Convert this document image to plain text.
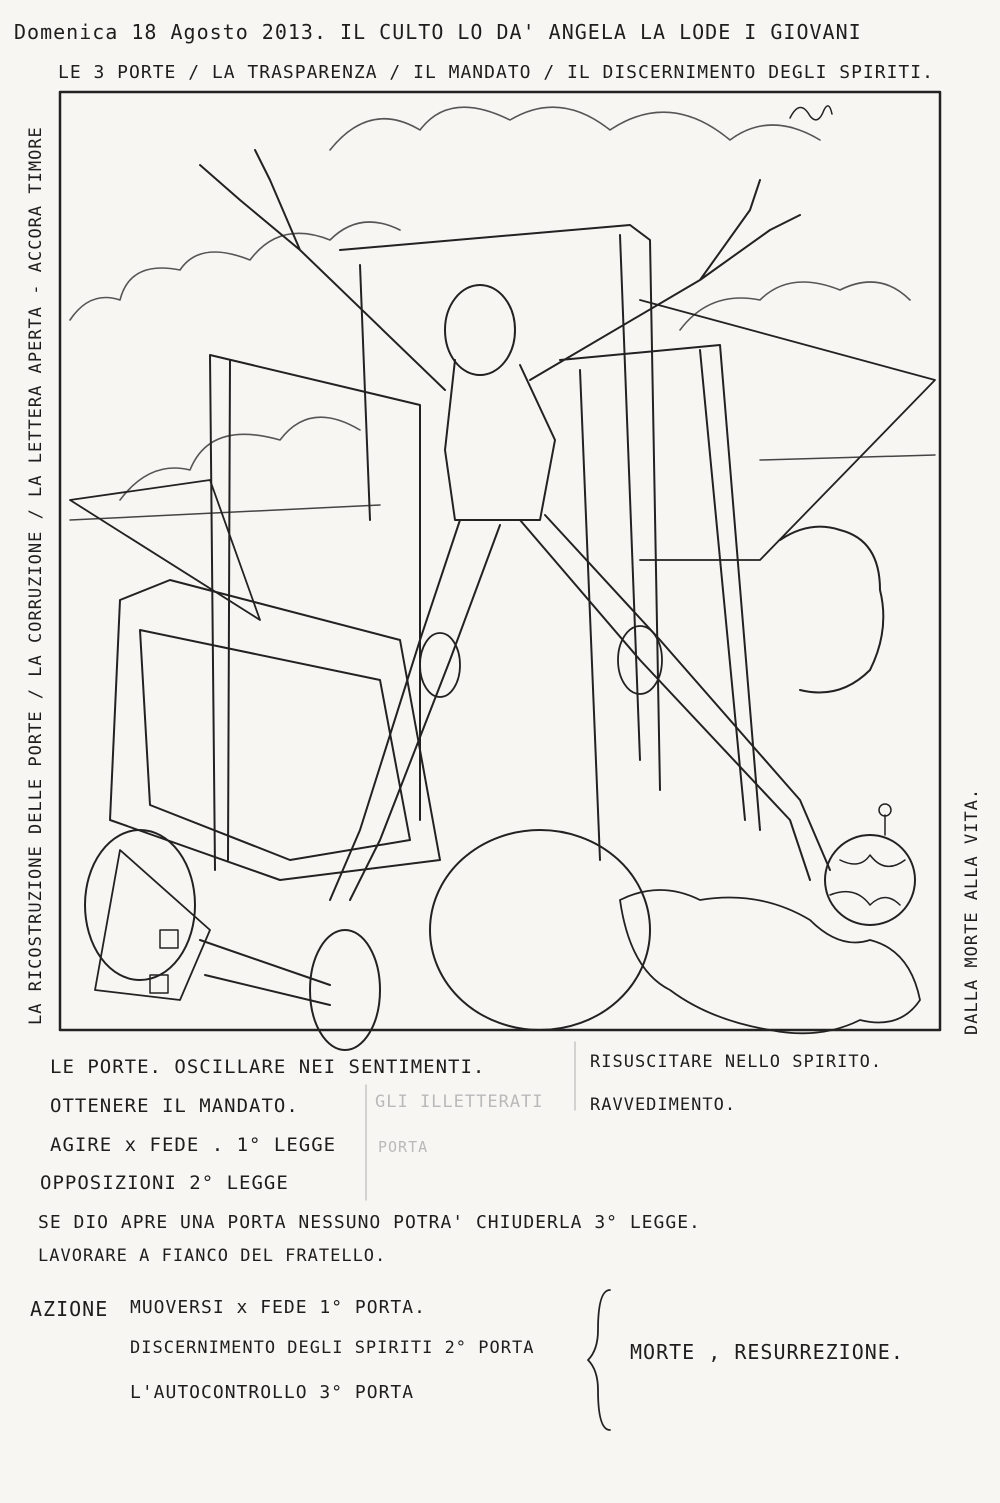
Domenica 18 Agosto 2013. IL CULTO LO DA' ANGELA LA LODE I GIOVANI
LE 3 PORTE / LA TRASPARENZA / IL MANDATO / IL DISCERNIMENTO DEGLI SPIRITI.
LA RICOSTRUZIONE DELLE PORTE / LA CORRUZIONE / LA LETTERA APERTA - ACCORA TIMORE	DALLA MORTE ALLA VITA.
LE PORTE. OSCILLARE NEI SENTIMENTI.
OTTENERE IL MANDATO.
AGIRE x FEDE . 1° LEGGE
OPPOSIZIONI 2° LEGGE
GLI ILLETTERATI
PORTA
RISUSCITARE NELLO SPIRITO.
RAVVEDIMENTO.
SE DIO APRE UNA PORTA NESSUNO POTRA' CHIUDERLA 3° LEGGE.
LAVORARE A FIANCO DEL FRATELLO.
AZIONE MUOVERSI x FEDE 1° PORTA.
DISCERNIMENTO DEGLI SPIRITI 2° PORTA
L'AUTOCONTROLLO 3° PORTA
MORTE , RESURREZIONE.
